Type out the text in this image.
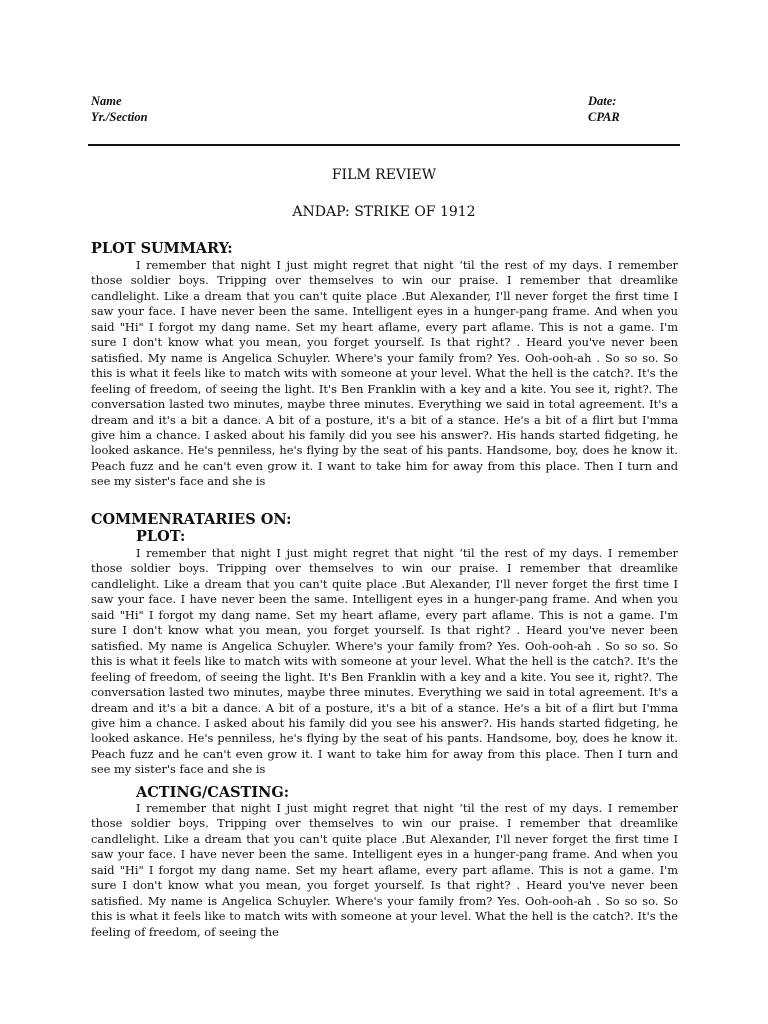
Name
Yr./Section
Date:
CPAR
FILM REVIEW
ANDAP: STRIKE OF 1912
PLOT SUMMARY:
I remember that night I just might regret that night ‘til the rest of my days. I remember those soldier boys. Tripping over themselves to win our praise. I remember that dreamlike candlelight. Like a dream that you can't quite place .But Alexander, I'll never forget the first time I saw your face. I have never been the same. Intelligent eyes in a hunger-pang frame. And when you said "Hi" I forgot my dang name. Set my heart aflame, every part aflame. This is not a game. I'm sure I don't know what you mean, you forget yourself. Is that right? . Heard you've never been satisfied. My name is Angelica Schuyler. Where's your family from? Yes. Ooh-ooh-ah . So so so. So this is what it feels like to match wits with someone at your level. What the hell is the catch?. It's the feeling of freedom, of seeing the light. It's Ben Franklin with a key and a kite. You see it, right?. The conversation lasted two minutes, maybe three minutes. Everything we said in total agreement. It's a dream and it's a bit a dance. A bit of a posture, it's a bit of a stance. He's a bit of a flirt but I'mma give him a chance. I asked about his family did you see his answer?. His hands started fidgeting, he looked askance. He's penniless, he's flying by the seat of his pants. Handsome, boy, does he know it. Peach fuzz and he can't even grow it. I want to take him for away from this place. Then I turn and see my sister's face and she is
COMMENRATARIES ON:
PLOT:
I remember that night I just might regret that night ‘til the rest of my days. I remember those soldier boys. Tripping over themselves to win our praise. I remember that dreamlike candlelight. Like a dream that you can't quite place .But Alexander, I'll never forget the first time I saw your face. I have never been the same. Intelligent eyes in a hunger-pang frame. And when you said "Hi" I forgot my dang name. Set my heart aflame, every part aflame. This is not a game. I'm sure I don't know what you mean, you forget yourself. Is that right? . Heard you've never been satisfied. My name is Angelica Schuyler. Where's your family from? Yes. Ooh-ooh-ah . So so so. So this is what it feels like to match wits with someone at your level. What the hell is the catch?. It's the feeling of freedom, of seeing the light. It's Ben Franklin with a key and a kite. You see it, right?. The conversation lasted two minutes, maybe three minutes. Everything we said in total agreement. It's a dream and it's a bit a dance. A bit of a posture, it's a bit of a stance. He's a bit of a flirt but I'mma give him a chance. I asked about his family did you see his answer?. His hands started fidgeting, he looked askance. He's penniless, he's flying by the seat of his pants. Handsome, boy, does he know it. Peach fuzz and he can't even grow it. I want to take him for away from this place. Then I turn and see my sister's face and she is
ACTING/CASTING:
I remember that night I just might regret that night ‘til the rest of my days. I remember those soldier boys. Tripping over themselves to win our praise. I remember that dreamlike candlelight. Like a dream that you can't quite place .But Alexander, I'll never forget the first time I saw your face. I have never been the same. Intelligent eyes in a hunger-pang frame. And when you said "Hi" I forgot my dang name. Set my heart aflame, every part aflame. This is not a game. I'm sure I don't know what you mean, you forget yourself. Is that right? . Heard you've never been satisfied. My name is Angelica Schuyler. Where's your family from? Yes. Ooh-ooh-ah . So so so. So this is what it feels like to match wits with someone at your level. What the hell is the catch?. It's the feeling of freedom, of seeing the
